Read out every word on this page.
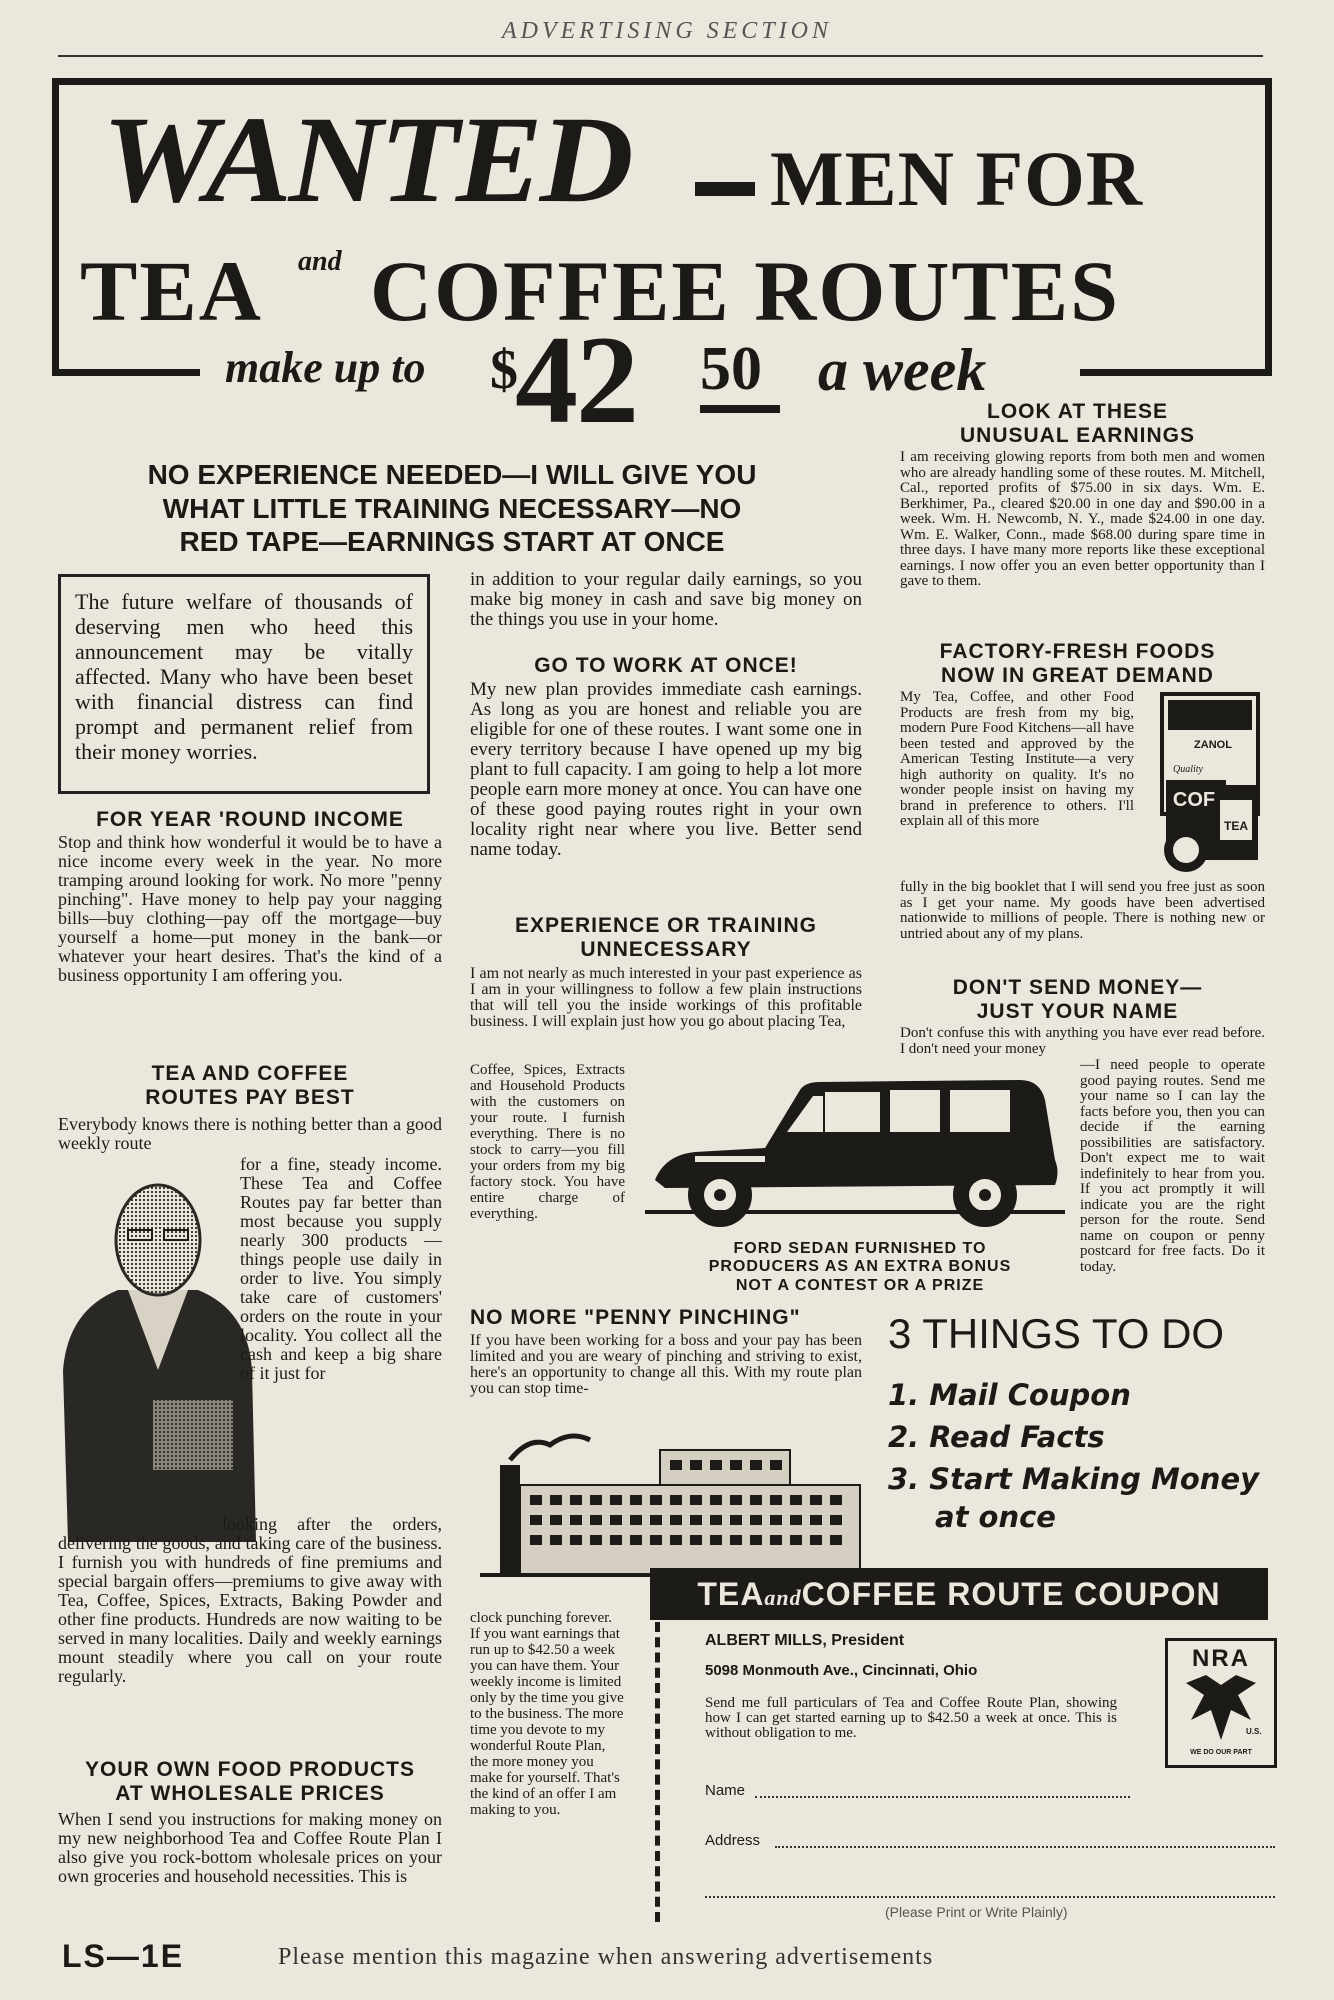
ADVERTISING SECTION
WANTED MEN FOR
TEA and COFFEE ROUTES
make up to $
42 50 a week
NO EXPERIENCE NEEDED—I WILL GIVE YOU
WHAT LITTLE TRAINING NECESSARY—NO
RED TAPE—EARNINGS START AT ONCE
The future welfare of thousands of deserving men who heed this announcement may be vitally affected. Many who have been beset with financial distress can find prompt and permanent relief from their money worries.
FOR YEAR 'ROUND INCOME
Stop and think how wonderful it would be to have a nice income every week in the year. No more tramping around looking for work. No more "penny pinching". Have money to help pay your nagging bills—buy clothing—pay off the mortgage—buy yourself a home—put money in the bank—or whatever your heart desires. That's the kind of a business opportunity I am offering you.
TEA AND COFFEE
ROUTES PAY BEST
Everybody knows there is nothing better than a good weekly route
for a fine, steady income. These Tea and Coffee Routes pay far better than most because you supply nearly 300 products — things people use daily in order to live. You simply take care of customers' orders on the route in your locality. You collect all the cash and keep a big share of it just for
looking after the orders, delivering the goods, and taking care of the business. I furnish you with hundreds of fine premiums and special bargain offers—premiums to give away with Tea, Coffee, Spices, Extracts, Baking Powder and other fine products. Hundreds are now waiting to be served in many localities. Daily and weekly earnings mount steadily where you call on your route regularly.
YOUR OWN FOOD PRODUCTS
AT WHOLESALE PRICES
When I send you instructions for making money on my new neighborhood Tea and Coffee Route Plan I also give you rock-bottom wholesale prices on your own groceries and household necessities. This is
in addition to your regular daily earnings, so you make big money in cash and save big money on the things you use in your home.
GO TO WORK AT ONCE!
My new plan provides immediate cash earnings. As long as you are honest and reliable you are eligible for one of these routes. I want some one in every territory because I have opened up my big plant to full capacity. I am going to help a lot more people earn more money at once. You can have one of these good paying routes right in your own locality right near where you live. Better send name today.
EXPERIENCE OR TRAINING
UNNECESSARY
I am not nearly as much interested in your past experience as I am in your willingness to follow a few plain instructions that will tell you the inside workings of this profitable business. I will explain just how you go about placing Tea,
Coffee, Spices, Extracts and Household Products with the customers on your route. I furnish everything. There is no stock to carry—you fill your orders from my big factory stock. You have entire charge of everything.
FORD SEDAN FURNISHED TO
PRODUCERS AS AN EXTRA BONUS
NOT A CONTEST OR A PRIZE
NO MORE "PENNY PINCHING"
If you have been working for a boss and your pay has been limited and you are weary of pinching and striving to exist, here's an opportunity to change all this. With my route plan you can stop time-
clock punching forever. If you want earnings that run up to $42.50 a week you can have them. Your weekly income is limited only by the time you give to the business. The more time you devote to my wonderful Route Plan, the more money you make for yourself. That's the kind of an offer I am making to you.
LOOK AT THESE
UNUSUAL EARNINGS
I am receiving glowing reports from both men and women who are already handling some of these routes. M. Mitchell, Cal., reported profits of $75.00 in six days. Wm. E. Berkhimer, Pa., cleared $20.00 in one day and $90.00 in a week. Wm. H. Newcomb, N. Y., made $24.00 in one day. Wm. E. Walker, Conn., made $68.00 during spare time in three days. I have many more reports like these exceptional earnings. I now offer you an even better opportunity than I gave to them.
FACTORY-FRESH FOODS
NOW IN GREAT DEMAND
My Tea, Coffee, and other Food Products are fresh from my big, modern Pure Food Kitchens—all have been tested and approved by the American Testing Institute—a very high authority on quality. It's no wonder people insist on having my brand in preference to others. I'll explain all of this more
ZANOL
Quality
COF
TEA
fully in the big booklet that I will send you free just as soon as I get your name. My goods have been advertised nationwide to millions of people. There is nothing new or untried about any of my plans.
DON'T SEND MONEY—
JUST YOUR NAME
Don't confuse this with anything you have ever read before. I don't need your money
—I need people to operate good paying routes. Send me your name so I can lay the facts before you, then you can decide if the earning possibilities are satisfactory. Don't expect me to wait indefinitely to hear from you. If you act promptly it will indicate you are the right person for the route. Send name on coupon or penny postcard for free facts. Do it today.
3 THINGS TO DO
1. Mail Coupon
2. Read Facts
3. Start Making Money
at once
TEAandCOFFEE ROUTE COUPON
ALBERT MILLS, President
5098 Monmouth Ave., Cincinnati, Ohio
Send me full particulars of Tea and Coffee Route Plan, showing how I can get started earning up to $42.50 a week at once. This is without obligation to me.
NRA
U.S.
WE DO OUR PART
Name
Address
(Please Print or Write Plainly)
LS—1E	Please mention this magazine when answering advertisements
